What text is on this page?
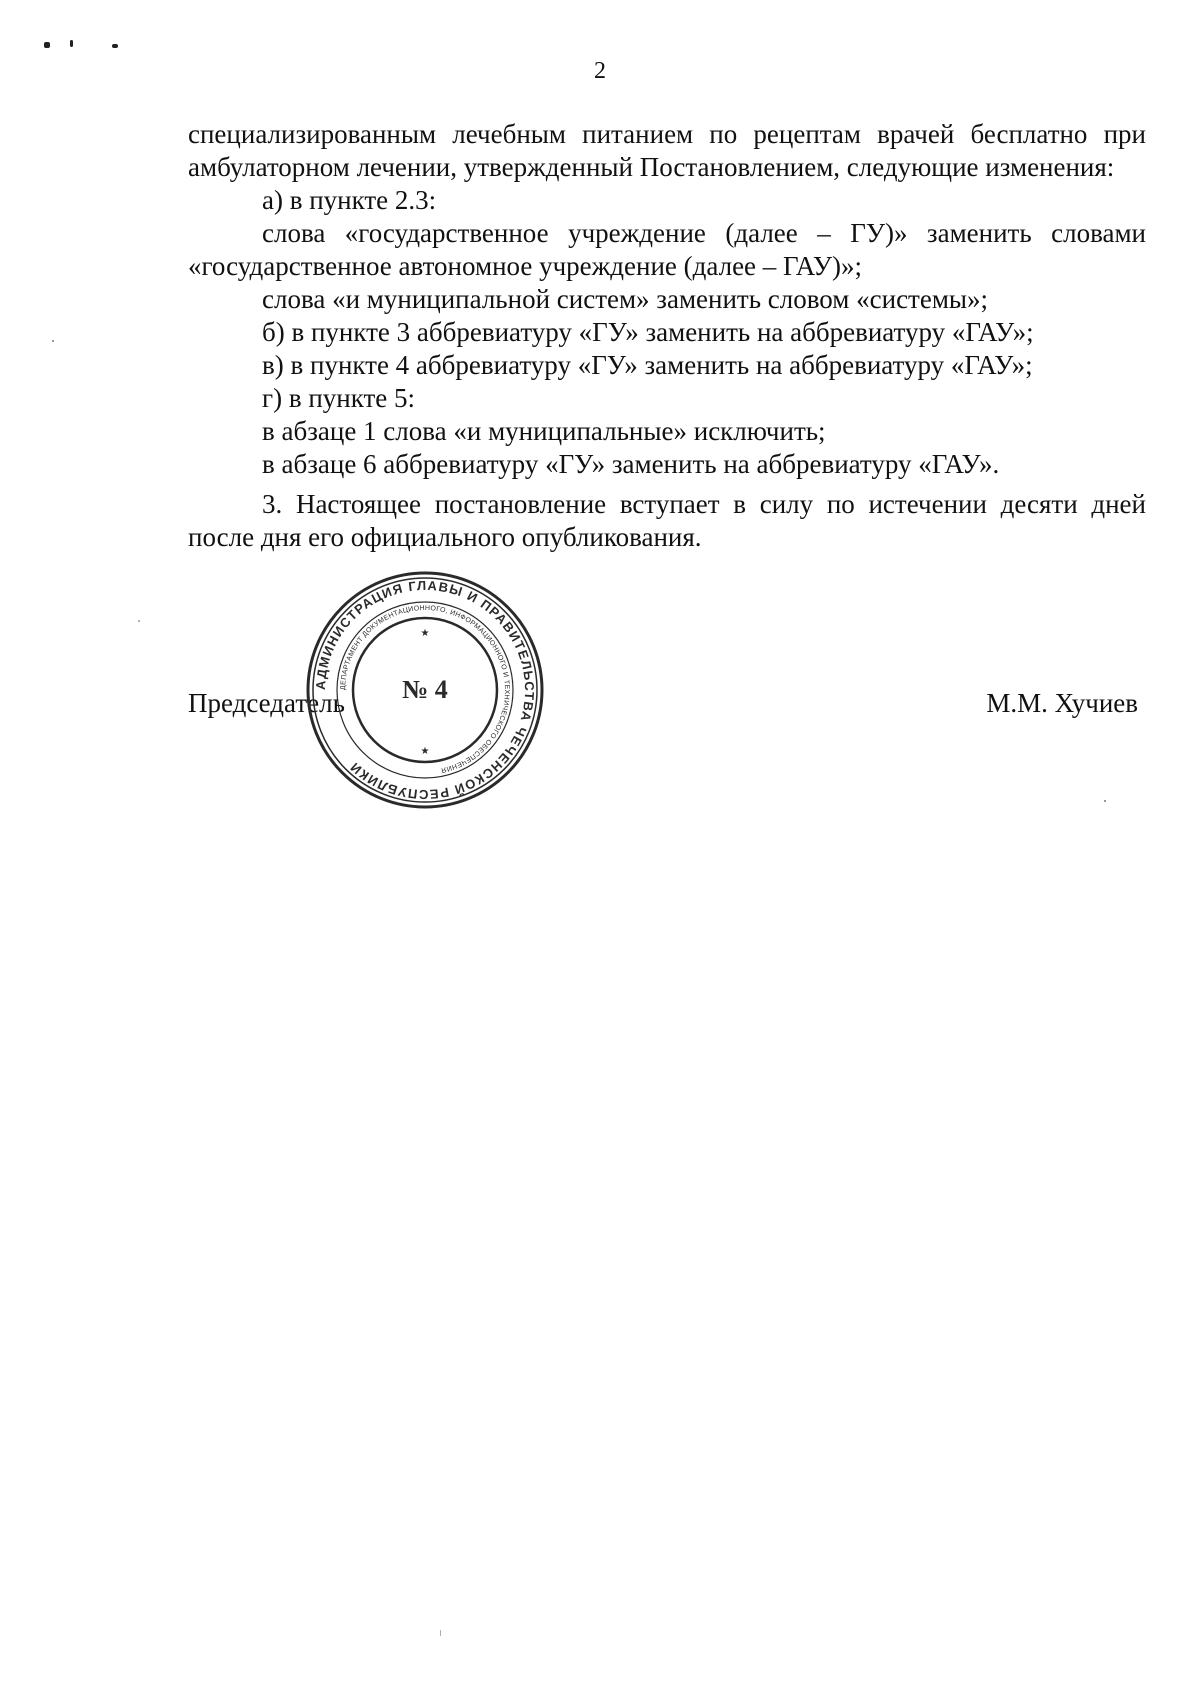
2

специализированным лечебным питанием по рецептам врачей бесплатно при

амбулаторном лечении, утвержденный Постановлением, следующие изменения:

а) в пункте 2.3:

слова «государственное учреждение (далее – ГУ)» заменить словами

«государственное автономное учреждение (далее – ГАУ)»;

слова «и муниципальной систем» заменить словом «системы»;

б) в пункте 3 аббревиатуру «ГУ» заменить на аббревиатуру «ГАУ»;

в) в пункте 4 аббревиатуру «ГУ» заменить на аббревиатуру «ГАУ»;

г) в пункте 5:

в абзаце 1 слова «и муниципальные» исключить;

в абзаце 6 аббревиатуру «ГУ» заменить на аббревиатуру «ГАУ».

3. Настоящее постановление вступает в силу по истечении десяти дней

после дня его официального опубликования.

Председатель	М.М. Хучиев
АДМИНИСТРАЦИЯ ГЛАВЫ И ПРАВИТЕЛЬСТВА ЧЕЧЕНСКОЙ РЕСПУБЛИКИ
ДЕПАРТАМЕНТ ДОКУМЕНТАЦИОННОГО, ИНФОРМАЦИОННОГО И ТЕХНИЧЕСКОГО ОБЕСПЕЧЕНИЯ
★
★
№ 4
